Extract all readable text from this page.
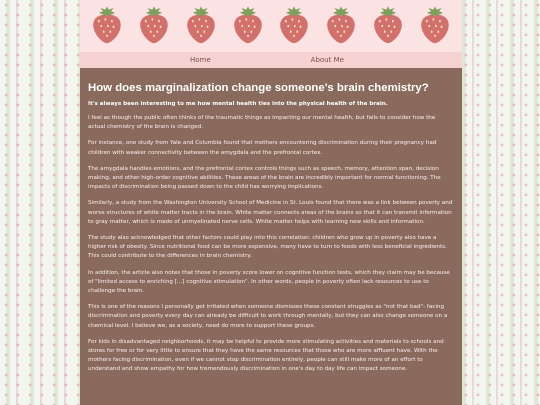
Home	About Me
How does marginalization change someone's brain chemistry?

It's always been interesting to me how mental health ties into the physical health of the brain.

I feel as though the public often thinks of the traumatic things as impacting our mental health, but fails to consider how the actual chemistry of the brain is changed.

For instance, one study from Yale and Columbia found that mothers encountering discrimination during their pregnancy had children with weaker connectivity between the amygdala and the prefrontal cortex.

The amygdala handles emotions, and the prefrontal cortex controls things such as speech, memory, attention span, decision making, and other high-order cognitive abilities. These areas of the brain are incredibly important for normal functioning. The impacts of discrimination being passed down to the child has worrying implications.

Similarly, a study from the Washington University School of Medicine in St. Louis found that there was a link between poverty and worse structures of white matter tracts in the brain. White matter connects areas of the brains so that it can transmit information to gray matter, which is made of unmyelinated nerve cells. White matter helps with learning new skills and information.

The study also acknowledged that other factors could play into this correlation: children who grow up in poverty also have a higher risk of obesity. Since nutritional food can be more expensive, many have to turn to foods with less beneficial ingredients. This could contribute to the differences in brain chemistry.

In addition, the article also notes that those in poverty score lower on cognitive function tests, which they claim may be because of "limited access to enriching [...] cognitive stimulation". In other words, people in poverty often lack resources to use to challenge the brain.

This is one of the reasons I personally get irritated when someone dismisses these constant struggles as "not that bad"- facing discrimination and poverty every day can already be difficult to work through mentally, but they can also change someone on a chemical level. I believe we, as a society, need do more to support these groups.

For kids in disadvantaged neighborhoods, it may be helpful to provide more stimulating activities and materials to schools and stores for free or for very little to ensure that they have the same resources that those who are more affluent have. With the mothers facing discrimination, even if we cannot stop discrimination entirely, people can still make more of an effort to understand and show empathy for how tremendously discrimination in one's day to day life can impact someone.
